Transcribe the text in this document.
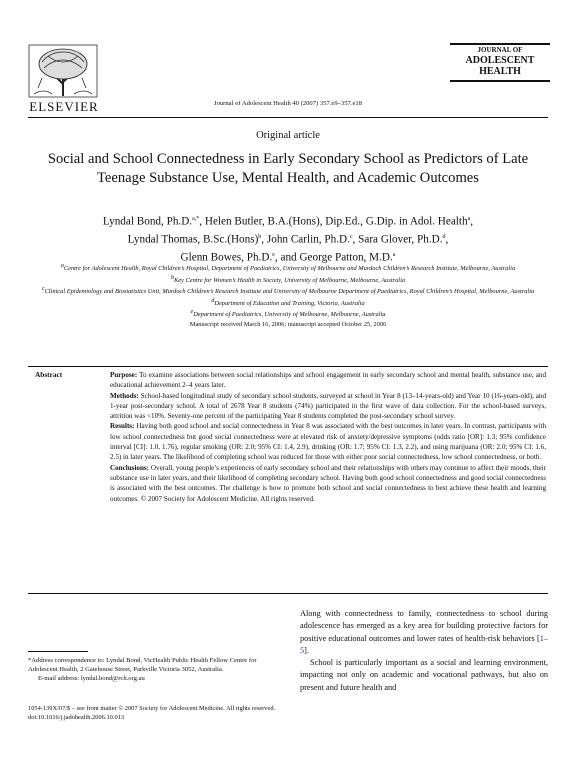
ELSEVIER	Journal of Adolescent Health 40 (2007) 357.e9–357.e18
JOURNAL OF
ADOLESCENT
HEALTH
Original article
Social and School Connectedness in Early Secondary School as Predictors of Late Teenage Substance Use, Mental Health, and Academic Outcomes
Lyndal Bond, Ph.D.$^{a,*}$, Helen Butler, B.A.(Hons), Dip.Ed., G.Dip. in Adol. Health$^a$,
Lyndal Thomas, B.Sc.(Hons)$^b$, John Carlin, Ph.D.$^c$, Sara Glover, Ph.D.$^d$,
Glenn Bowes, Ph.D.$^e$, and George Patton, M.D.$^a$
$^a$Centre for Adolescent Health, Royal Children’s Hospital, Department of Paediatrics, University of Melbourne and Murdoch Children’s Research Institute, Melbourne, Australia
$^b$Key Centre for Women’s Health in Society, University of Melbourne, Melbourne, Australia
$^c$Clinical Epidemiology and Biostatistics Unit, Murdoch Children’s Research Institute and University of Melbourne Department of Paediatrics, Royal Children’s Hospital, Melbourne, Australia
$^d$Department of Education and Training, Victoria, Australia
$^e$Department of Paediatrics, University of Melbourne, Melbourne, Australia
Manuscript received March 16, 2006; manuscript accepted October 25, 2006
Abstract	Purpose: To examine associations between social relationships and school engagement in early secondary school and mental health, substance use, and educational achievement 2–4 years later.

Methods: School-based longitudinal study of secondary school students, surveyed at school in Year 8 (13–14-years-old) and Year 10 (16-years-old), and 1-year post-secondary school. A total of 2678 Year 8 students (74%) participated in the first wave of data collection. For the school-based surveys, attrition was <10%. Seventy-one percent of the participating Year 8 students completed the post-secondary school survey.

Results: Having both good school and social connectedness in Year 8 was associated with the best outcomes in later years. In contrast, participants with low school connectedness but good social connectedness were at elevated risk of anxiety/depressive symptoms (odds ratio [OR]: 1.3; 95% confidence interval [CI]: 1.0, 1.76), regular smoking (OR: 2.0; 95% CI: 1.4, 2.9), drinking (OR: 1.7; 95% CI: 1.3, 2.2), and using marijuana (OR: 2.0; 95% CI: 1.6, 2.5) in later years. The likelihood of completing school was reduced for those with either poor social connectedness, low school connectedness, or both.

Conclusions: Overall, young people’s experiences of early secondary school and their relationships with others may continue to affect their moods, their substance use in later years, and their likelihood of completing secondary school. Having both good school connectedness and good social connectedness is associated with the best outcomes. The challenge is how to promote both school and social connectedness to best achieve these health and learning outcomes. © 2007 Society for Adolescent Medicine. All rights reserved.

*Address correspondence to: Lyndal Bond, VicHealth Public Health Fellow Centre for Adolescent Health, 2 Gatehouse Street, Parkville Victoria 3052, Australia.

E-mail address: lyndal.bond@rch.org.au

Along with connectedness to family, connectedness to school during adolescence has emerged as a key area for building protective factors for positive educational outcomes and lower rates of health-risk behaviors [1–5].

School is particularly important as a social and learning environment, impacting not only on academic and vocational pathways, but also on present and future health and

1054-139X/07/$ – see front matter © 2007 Society for Adolescent Medicine. All rights reserved.
doi:10.1016/j.jadohealth.2006.10.013
